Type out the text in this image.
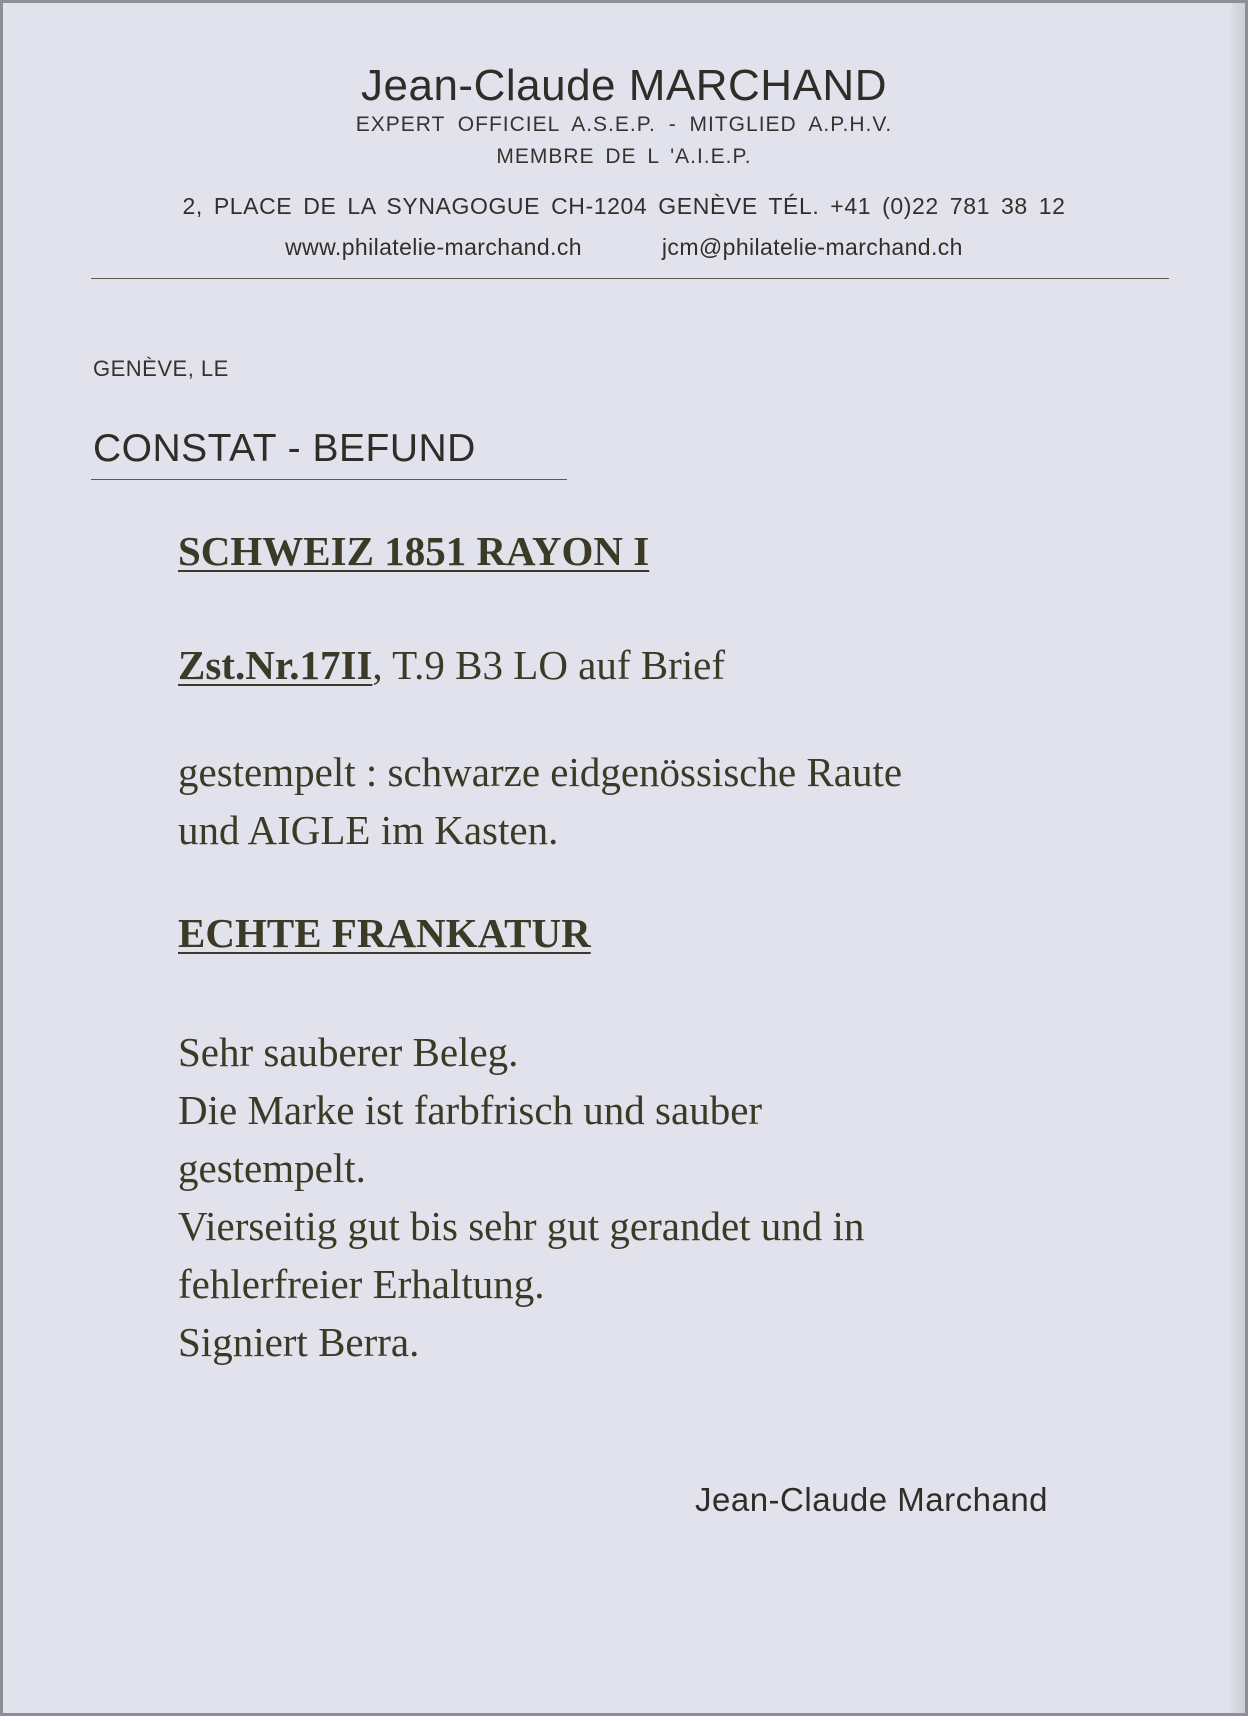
Jean-Claude MARCHAND
EXPERT OFFICIEL A.S.E.P. - MITGLIED A.P.H.V.
MEMBRE DE L 'A.I.E.P.
2, PLACE DE LA SYNAGOGUE CH-1204 GENÈVE TÉL. +41 (0)22 781 38 12
www.philatelie-marchand.ch	jcm@philatelie-marchand.ch
GENÈVE, LE
CONSTAT - BEFUND
SCHWEIZ 1851 RAYON I
Zst.Nr.17II, T.9 B3 LO auf Brief
gestempelt : schwarze eidgenössische Raute
und AIGLE im Kasten.
ECHTE FRANKATUR
Sehr sauberer Beleg.
Die Marke ist farbfrisch und sauber
gestempelt.
Vierseitig gut bis sehr gut gerandet und in
fehlerfreier Erhaltung.
Signiert Berra.
Jean-Claude Marchand
